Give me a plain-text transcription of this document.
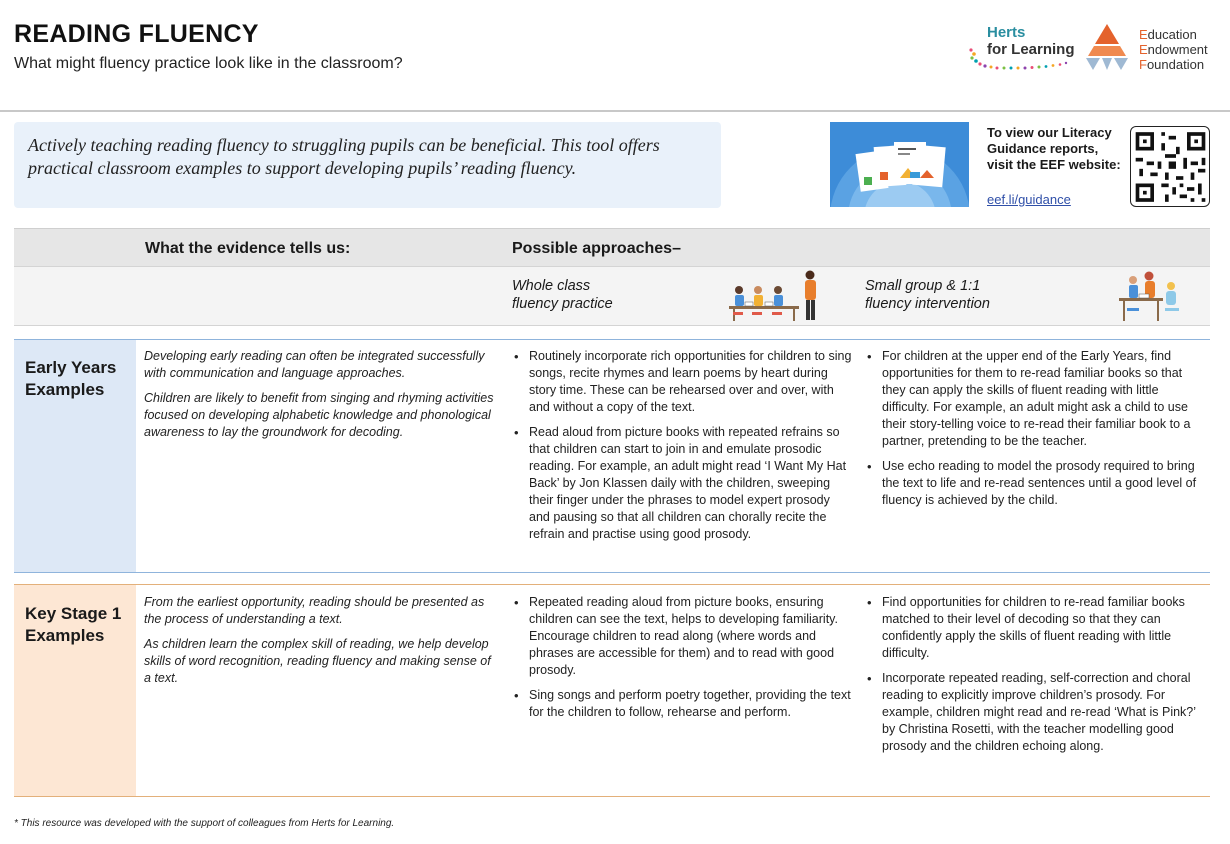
READING FLUENCY
What might fluency practice look like in the classroom?
Herts
for Learning
Education
Endowment
Foundation
Actively teaching reading fluency to struggling pupils can be beneficial. This tool offers practical classroom examples to support developing pupils’ reading fluency.
To view our Literacy
Guidance reports,
visit the EEF website:
eef.li/guidance
What the evidence tells us:	Possible approaches–
Whole class
fluency practice
Small group & 1:1
fluency intervention
Early Years
Examples

Developing early reading can often be integrated successfully with communication and language approaches.

Children are likely to benefit from singing and rhyming activities focused on developing alphabetic knowledge and phonological awareness to lay the groundwork for decoding.

• Routinely incorporate rich opportunities for children to sing songs, recite rhymes and learn poems by heart during story time. These can be rehearsed over and over, with and without a copy of the text.
• Read aloud from picture books with repeated refrains so that children can start to join in and emulate prosodic reading. For example, an adult might read ‘I Want My Hat Back’ by Jon Klassen daily with the children, sweeping their finger under the phrases to model expert prosody and pausing so that all children can chorally recite the refrain and practise using good prosody.
• For children at the upper end of the Early Years, find opportunities for them to re-read familiar books so that they can apply the skills of fluent reading with little difficulty. For example, an adult might ask a child to use their story-telling voice to re-read their familiar book to a partner, pretending to be the teacher.
• Use echo reading to model the prosody required to bring the text to life and re-read sentences until a good level of fluency is achieved by the child.
Key Stage 1
Examples

From the earliest opportunity, reading should be presented as the process of understanding a text.

As children learn the complex skill of reading, we help develop skills of word recognition, reading fluency and making sense of a text.

• Repeated reading aloud from picture books, ensuring children can see the text, helps to developing familiarity. Encourage children to read along (where words and phrases are accessible for them) and to read with good prosody.
• Sing songs and perform poetry together, providing the text for the children to follow, rehearse and perform.
• Find opportunities for children to re-read familiar books matched to their level of decoding so that they can confidently apply the skills of fluent reading with little difficulty.
• Incorporate repeated reading, self-correction and choral reading to explicitly improve children’s prosody. For example, children might read and re-read ‘What is Pink?’ by Christina Rosetti, with the teacher modelling good prosody and the children echoing along.
* This resource was developed with the support of colleagues from Herts for Learning.
